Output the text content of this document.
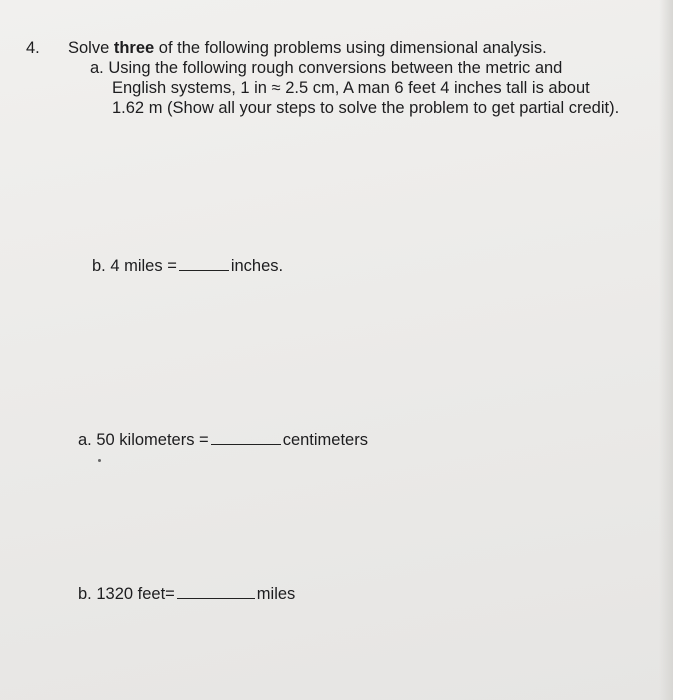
4. Solve three of the following problems using dimensional analysis.
a. Using the following rough conversions between the metric and
English systems, 1 in ≈ 2.5 cm, A man 6 feet 4 inches tall is about
1.62 m (Show all your steps to solve the problem to get partial credit).
b. 4 miles =	inches.
a. 50 kilometers =	centimeters
b. 1320 feet=	miles
